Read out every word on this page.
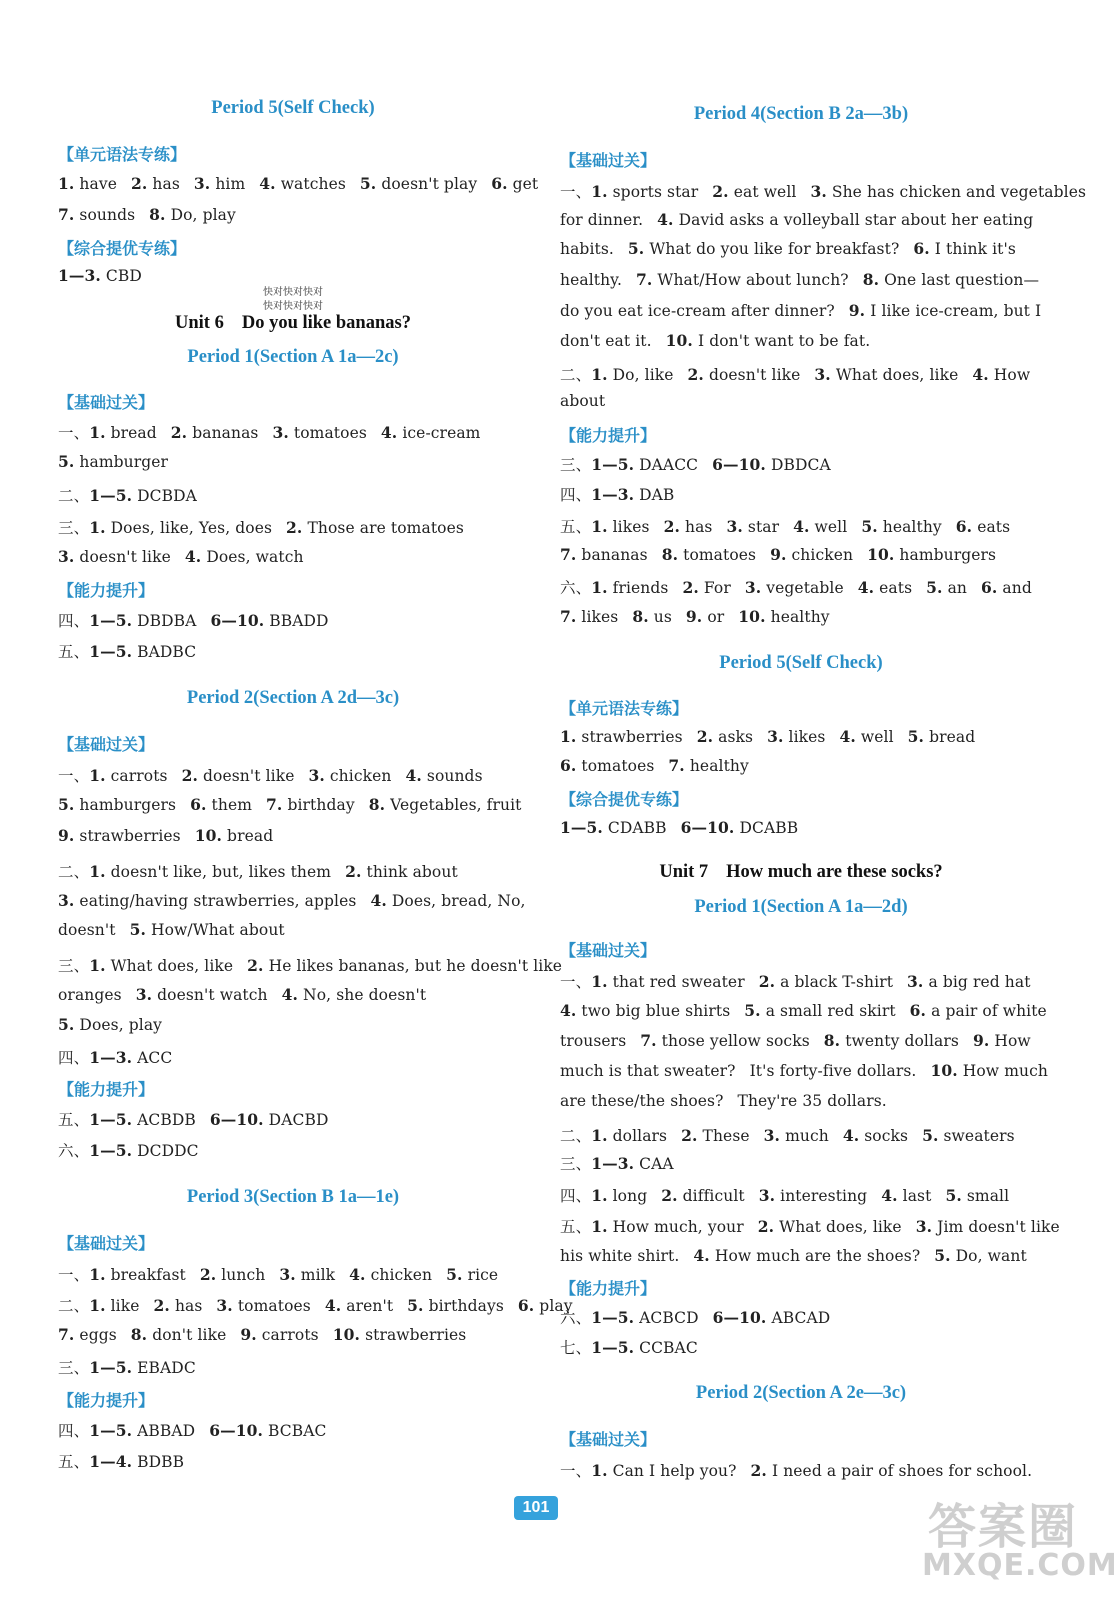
Period 5(Self Check)
【单元语法专练】
1. have 2. has 3. him 4. watches 5. doesn't play 6. get
7. sounds 8. Do, play
【综合提优专练】
1—3. CBD
快对快对快对
快对快对快对
Unit 6 Do you like bananas?
Period 1(Section A 1a—2c)
【基础过关】
一、1. bread 2. bananas 3. tomatoes 4. ice-cream
5. hamburger
二、1—5. DCBDA
三、1. Does, like, Yes, does 2. Those are tomatoes
3. doesn't like 4. Does, watch
【能力提升】
四、1—5. DBDBA 6—10. BBADD
五、1—5. BADBC
Period 2(Section A 2d—3c)
【基础过关】
一、1. carrots 2. doesn't like 3. chicken 4. sounds
5. hamburgers 6. them 7. birthday 8. Vegetables, fruit
9. strawberries 10. bread
二、1. doesn't like, but, likes them 2. think about
3. eating/having strawberries, apples 4. Does, bread, No,
doesn't 5. How/What about
三、1. What does, like 2. He likes bananas, but he doesn't like
oranges 3. doesn't watch 4. No, she doesn't
5. Does, play
四、1—3. ACC
【能力提升】
五、1—5. ACBDB 6—10. DACBD
六、1—5. DCDDC
Period 3(Section B 1a—1e)
【基础过关】
一、1. breakfast 2. lunch 3. milk 4. chicken 5. rice
二、1. like 2. has 3. tomatoes 4. aren't 5. birthdays 6. play
7. eggs 8. don't like 9. carrots 10. strawberries
三、1—5. EBADC
【能力提升】
四、1—5. ABBAD 6—10. BCBAC
五、1—4. BDBB
Period 4(Section B 2a—3b)
【基础过关】
一、1. sports star 2. eat well 3. She has chicken and vegetables
for dinner. 4. David asks a volleyball star about her eating
habits. 5. What do you like for breakfast? 6. I think it's
healthy. 7. What/How about lunch? 8. One last question—
do you eat ice-cream after dinner? 9. I like ice-cream, but I
don't eat it. 10. I don't want to be fat.
二、1. Do, like 2. doesn't like 3. What does, like 4. How
about
【能力提升】
三、1—5. DAACC 6—10. DBDCA
四、1—3. DAB
五、1. likes 2. has 3. star 4. well 5. healthy 6. eats
7. bananas 8. tomatoes 9. chicken 10. hamburgers
六、1. friends 2. For 3. vegetable 4. eats 5. an 6. and
7. likes 8. us 9. or 10. healthy
Period 5(Self Check)
【单元语法专练】
1. strawberries 2. asks 3. likes 4. well 5. bread
6. tomatoes 7. healthy
【综合提优专练】
1—5. CDABB 6—10. DCABB
Unit 7 How much are these socks?
Period 1(Section A 1a—2d)
【基础过关】
一、1. that red sweater 2. a black T-shirt 3. a big red hat
4. two big blue shirts 5. a small red skirt 6. a pair of white
trousers 7. those yellow socks 8. twenty dollars 9. How
much is that sweater? It's forty-five dollars. 10. How much
are these/the shoes? They're 35 dollars.
二、1. dollars 2. These 3. much 4. socks 5. sweaters
三、1—3. CAA
四、1. long 2. difficult 3. interesting 4. last 5. small
五、1. How much, your 2. What does, like 3. Jim doesn't like
his white shirt. 4. How much are the shoes? 5. Do, want
【能力提升】
六、1—5. ACBCD 6—10. ABCAD
七、1—5. CCBAC
Period 2(Section A 2e—3c)
【基础过关】
一、1. Can I help you? 2. I need a pair of shoes for school.
101	答案圈
MXQE.COM
